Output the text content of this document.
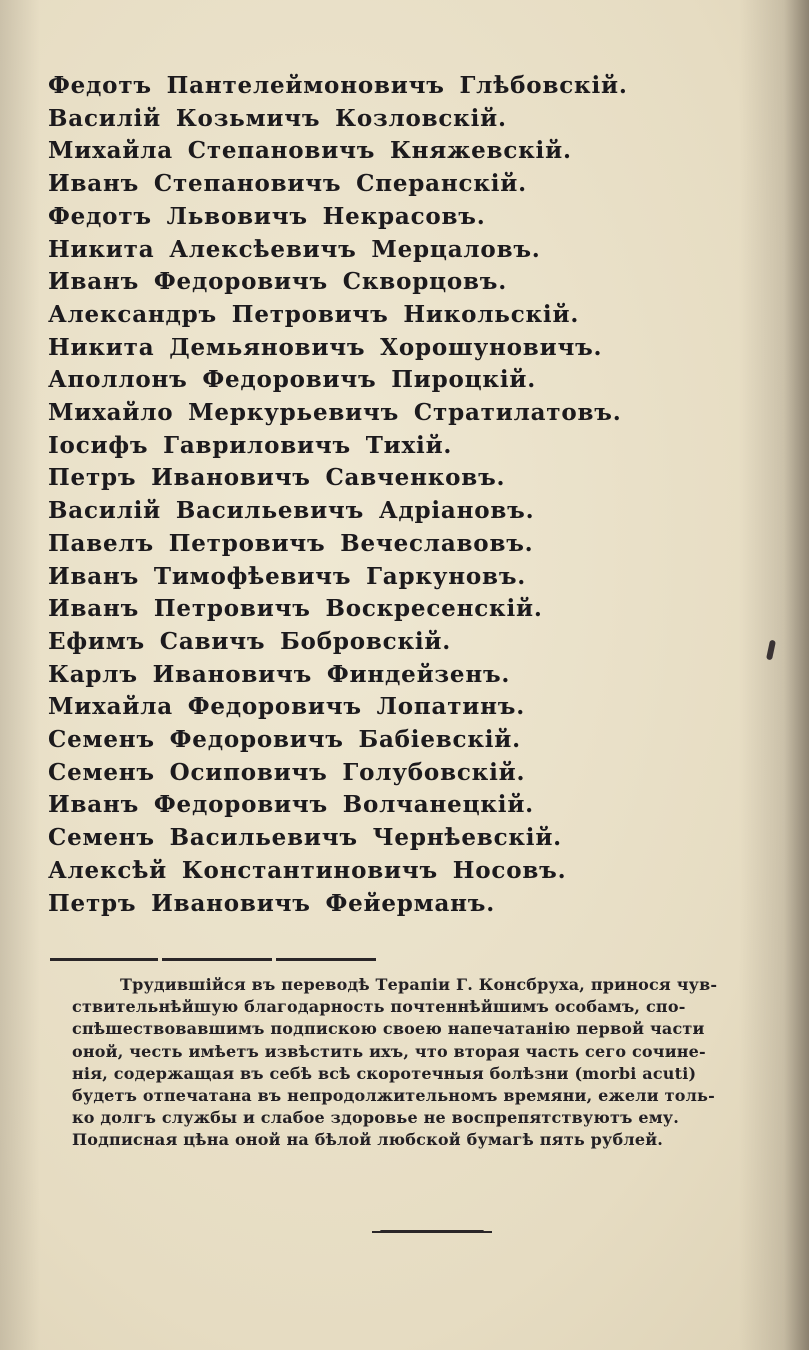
Федотъ Пантелеймоновичъ Глѣбовскій.
Василій Козьмичъ Козловскій.
Михайла Степановичъ Княжевскій.
Иванъ Степановичъ Сперанскій.
Федотъ Львовичъ Некрасовъ.
Никита Алексѣевичъ Мерцаловъ.
Иванъ Федоровичъ Скворцовъ.
Александръ Петровичъ Никольскій.
Никита Демьяновичъ Хорошуновичъ.
Аполлонъ Федоровичъ Пироцкій.
Михайло Меркурьевичъ Стратилатовъ.
Іосифъ Гавриловичъ Тихій.
Петръ Ивановичъ Савченковъ.
Василій Васильевичъ Адріановъ.
Павелъ Петровичъ Вечеславовъ.
Иванъ Тимофѣевичъ Гаркуновъ.
Иванъ Петровичъ Воскресенскій.
Ефимъ Савичъ Бобровскій.
Карлъ Ивановичъ Финдейзенъ.
Михайла Федоровичъ Лопатинъ.
Семенъ Федоровичъ Бабіевскій.
Семенъ Осиповичъ Голубовскій.
Иванъ Федоровичъ Волчанецкій.
Семенъ Васильевичъ Чернѣевскій.
Алексѣй Константиновичъ Носовъ.
Петръ Ивановичъ Фейерманъ.

Трудившійся въ переводѣ Терапіи Г. Консбруха, принося чув-
ствительнѣйшую благодарность почтеннѣйшимъ особамъ, спо-
спѣшествовавшимъ подпискою своею напечатанію первой части
оной, честь имѣетъ извѣстить ихъ, что вторая часть сего сочине-
нія, содержащая въ себѣ всѣ скоротечныя болѣзни (morbi acuti)
будетъ отпечатана въ непродолжительномъ времяни, ежели толь-
ко долгъ службы и слабое здоровье не воспрепятствуютъ ему.
Подписная цѣна оной на бѣлой любской бумагѣ пять рублей.
